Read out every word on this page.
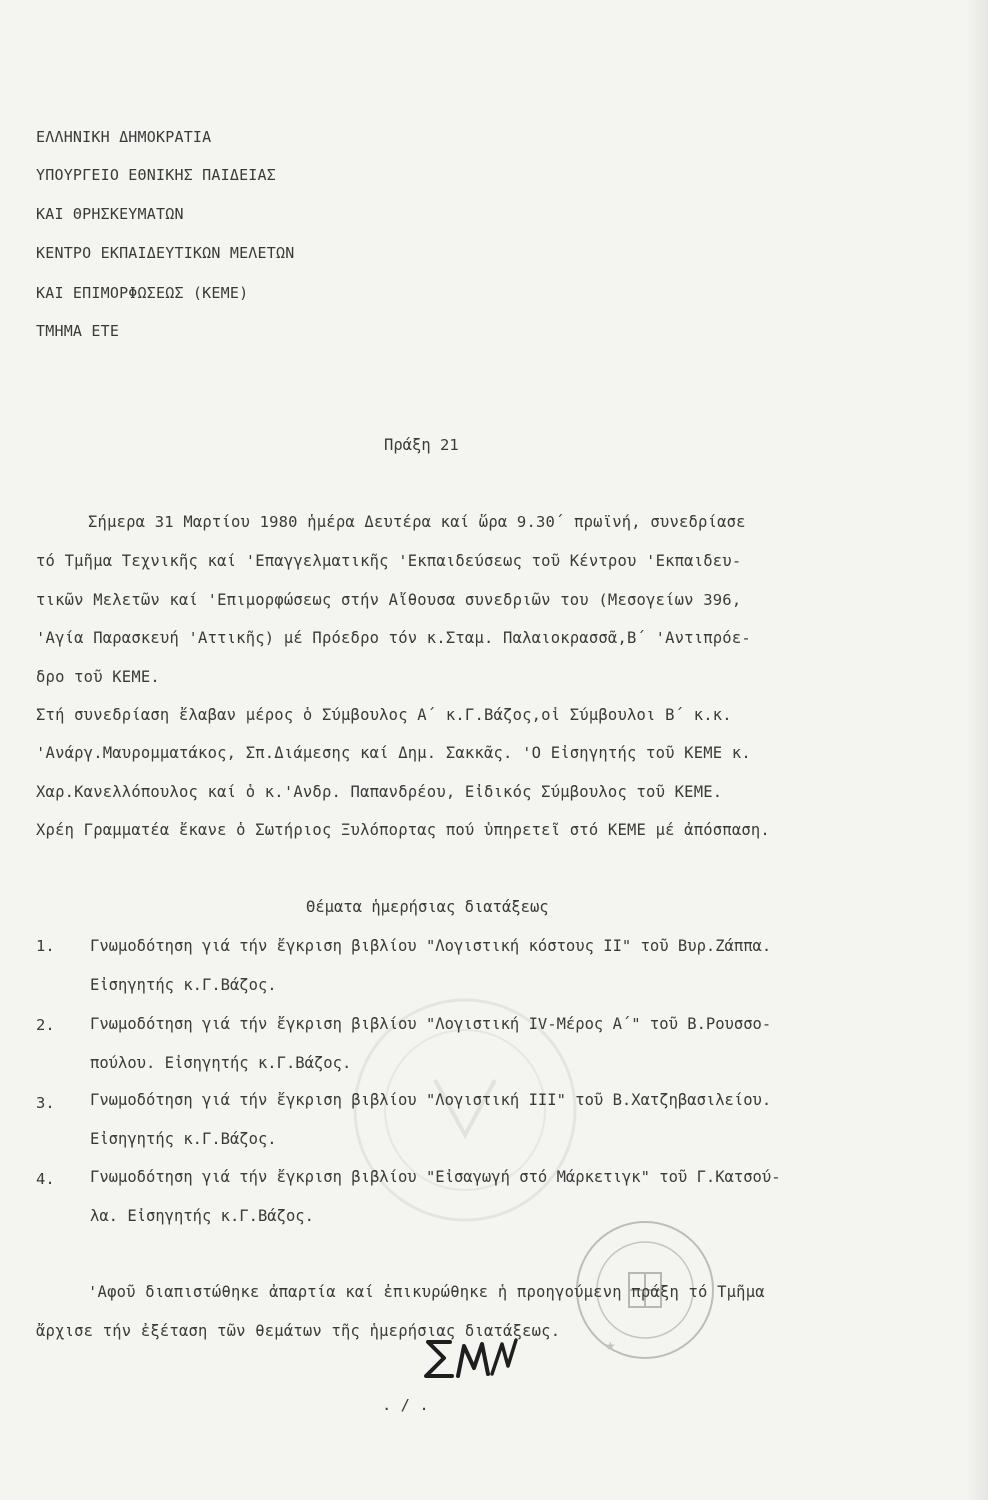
ΕΛΛΗΝΙΚΗ ΔΗΜΟΚΡΑΤΙΑ
ΥΠΟΥΡΓΕΙΟ ΕΘΝΙΚΗΣ ΠΑΙΔΕΙΑΣ
ΚΑΙ ΘΡΗΣΚΕΥΜΑΤΩΝ
ΚΕΝΤΡΟ ΕΚΠΑΙΔΕΥΤΙΚΩΝ ΜΕΛΕΤΩΝ
ΚΑΙ ΕΠΙΜΟΡΦΩΣΕΩΣ (ΚΕΜΕ)
ΤΜΗΜΑ ΕΤΕ
Πράξη 21
Σήμερα 31 Μαρτίου 1980 ἡμέρα Δευτέρα καί ὥρα 9.30΄ πρωϊνή, συνεδρίασε
τό Τμῆμα Τεχνικῆς καί 'Επαγγελματικῆς 'Εκπαιδεύσεως τοῦ Κέντρου 'Εκπαιδευ-
τικῶν Μελετῶν καί 'Επιμορφώσεως στήν Αἴθουσα συνεδριῶν του (Μεσογείων 396,
'Αγία Παρασκευή 'Αττικῆς) μέ Πρόεδρο τόν κ.Σταμ. Παλαιοκρασσᾶ,Β΄ 'Αντιπρόε-
δρο τοῦ ΚΕΜΕ.
Στή συνεδρίαση ἔλαβαν μέρος ὁ Σύμβουλος Α΄ κ.Γ.Βάζος,οἱ Σύμβουλοι Β΄ κ.κ.
'Ανάργ.Μαυρομματάκος, Σπ.Διάμεσης καί Δημ. Σακκᾶς. 'Ο Εἰσηγητής τοῦ ΚΕΜΕ κ.
Χαρ.Κανελλόπουλος καί ὁ κ.'Ανδρ. Παπανδρέου, Εἰδικός Σύμβουλος τοῦ ΚΕΜΕ.
Χρέη Γραμματέα ἔκανε ὁ Σωτήριος Ξυλόπορτας πού ὑπηρετεῖ στό ΚΕΜΕ μέ ἀπόσπαση.
Θέματα ἡμερήσιας διατάξεως
1. Γνωμοδότηση γιά τήν ἔγκριση βιβλίου "Λογιστική κόστους ΙΙ" τοῦ Βυρ.Ζάππα.
Εἰσηγητής κ.Γ.Βάζος.
2. Γνωμοδότηση γιά τήν ἔγκριση βιβλίου "Λογιστική ΙV-Μέρος Α΄" τοῦ Β.Ρουσσο-
πούλου. Εἰσηγητής κ.Γ.Βάζος.
3. Γνωμοδότηση γιά τήν ἔγκριση βιβλίου "Λογιστική ΙΙΙ" τοῦ Β.Χατζηβασιλείου.
Εἰσηγητής κ.Γ.Βάζος.
4. Γνωμοδότηση γιά τήν ἔγκριση βιβλίου "Εἰσαγωγή στό Μάρκετιγκ" τοῦ Γ.Κατσού-
λα. Εἰσηγητής κ.Γ.Βάζος.
★
'Αφοῦ διαπιστώθηκε ἀπαρτία καί ἐπικυρώθηκε ἡ προηγούμενη πράξη τό Τμῆμα
ἄρχισε τήν ἐξέταση τῶν θεμάτων τῆς ἡμερήσιας διατάξεως.
. / .
